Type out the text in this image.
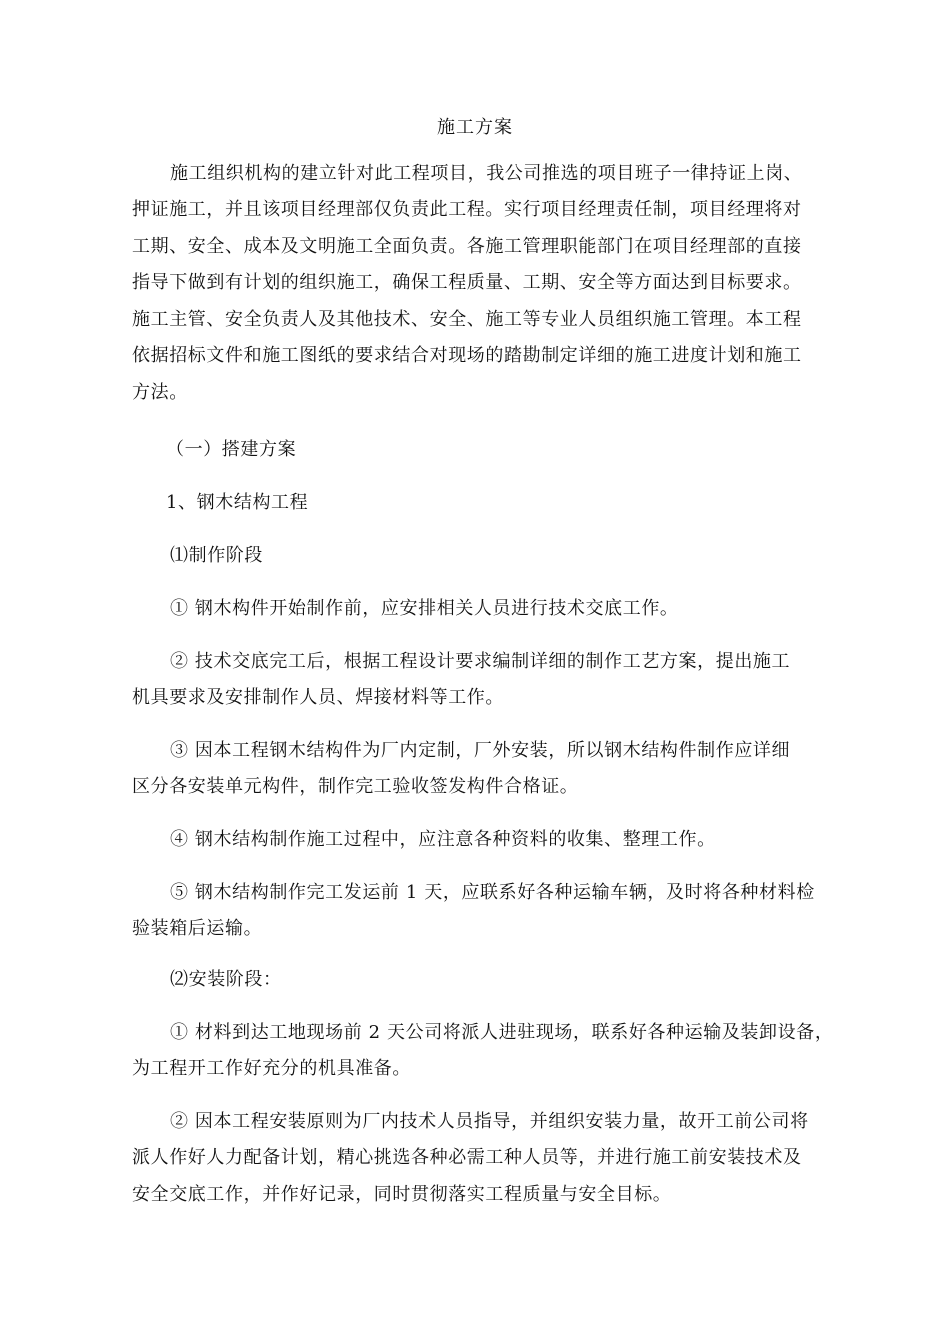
施工方案
施工组织机构的建立针对此工程项目，我公司推选的项目班子一律持证上岗、
押证施工，并且该项目经理部仅负责此工程。实行项目经理责任制，项目经理将对
工期、安全、成本及文明施工全面负责。各施工管理职能部门在项目经理部的直接
指导下做到有计划的组织施工，确保工程质量、工期、安全等方面达到目标要求。
施工主管、安全负责人及其他技术、安全、施工等专业人员组织施工管理。本工程
依据招标文件和施工图纸的要求结合对现场的踏勘制定详细的施工进度计划和施工
方法。
（一）搭建方案
1、钢木结构工程
⑴制作阶段
① 钢木构件开始制作前，应安排相关人员进行技术交底工作。
② 技术交底完工后，根据工程设计要求编制详细的制作工艺方案，提出施工
机具要求及安排制作人员、焊接材料等工作。
③ 因本工程钢木结构件为厂内定制，厂外安装，所以钢木结构件制作应详细
区分各安装单元构件，制作完工验收签发构件合格证。
④ 钢木结构制作施工过程中，应注意各种资料的收集、整理工作。
⑤ 钢木结构制作完工发运前 1 天，应联系好各种运输车辆，及时将各种材料检
验装箱后运输。
⑵安装阶段：
① 材料到达工地现场前 2 天公司将派人进驻现场，联系好各种运输及装卸设备，
为工程开工作好充分的机具准备。
② 因本工程安装原则为厂内技术人员指导，并组织安装力量，故开工前公司将
派人作好人力配备计划，精心挑选各种必需工种人员等，并进行施工前安装技术及
安全交底工作，并作好记录，同时贯彻落实工程质量与安全目标。
